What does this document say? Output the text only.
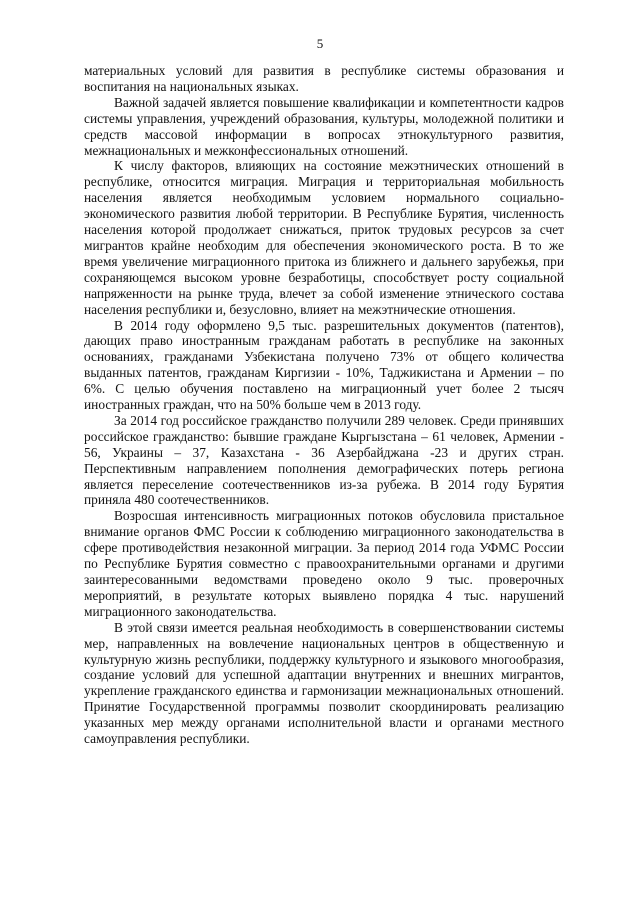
5

материальных условий для развития в республике системы образования и воспитания на национальных языках.

Важной задачей является повышение квалификации и компетентности кадров системы управления, учреждений образования, культуры, молодежной политики и средств массовой информации в вопросах этнокультурного развития, межнациональных и межконфессиональных отношений.

К числу факторов, влияющих на состояние межэтнических отношений в республике, относится миграция. Миграция и территориальная мобильность населения является необходимым условием нормального социально-экономического развития любой территории. В Республике Бурятия, численность населения которой продолжает снижаться, приток трудовых ресурсов за счет мигрантов крайне необходим для обеспечения экономического роста. В то же время увеличение миграционного притока из ближнего и дальнего зарубежья, при сохраняющемся высоком уровне безработицы, способствует росту социальной напряженности на рынке труда, влечет за собой изменение этнического состава населения республики и, безусловно, влияет на межэтнические отношения.

В 2014 году оформлено 9,5 тыс. разрешительных документов (патентов), дающих право иностранным гражданам работать в республике на законных основаниях, гражданами Узбекистана получено 73% от общего количества выданных патентов, гражданам Киргизии - 10%, Таджикистана и Армении – по 6%. С целью обучения поставлено на миграционный учет более 2 тысяч иностранных граждан, что на 50% больше чем в 2013 году.

За 2014 год российское гражданство получили 289 человек. Среди принявших российское гражданство: бывшие граждане Кыргызстана – 61 человек, Армении - 56, Украины – 37, Казахстана - 36 Азербайджана -23 и других стран. Перспективным направлением пополнения демографических потерь региона является переселение соотечественников из-за рубежа. В 2014 году Бурятия приняла 480 соотечественников.

Возросшая интенсивность миграционных потоков обусловила пристальное внимание органов ФМС России к соблюдению миграционного законодательства в сфере противодействия незаконной миграции. За период 2014 года УФМС России по Республике Бурятия совместно с правоохранительными органами и другими заинтересованными ведомствами проведено около 9 тыс. проверочных мероприятий, в результате которых выявлено порядка 4 тыс. нарушений миграционного законодательства.

В этой связи имеется реальная необходимость в совершенствовании системы мер, направленных на вовлечение национальных центров в общественную и культурную жизнь республики, поддержку культурного и языкового многообразия, создание условий для успешной адаптации внутренних и внешних мигрантов, укрепление гражданского единства и гармонизации межнациональных отношений. Принятие Государственной программы позволит скоординировать реализацию указанных мер между органами исполнительной власти и органами местного самоуправления республики.
